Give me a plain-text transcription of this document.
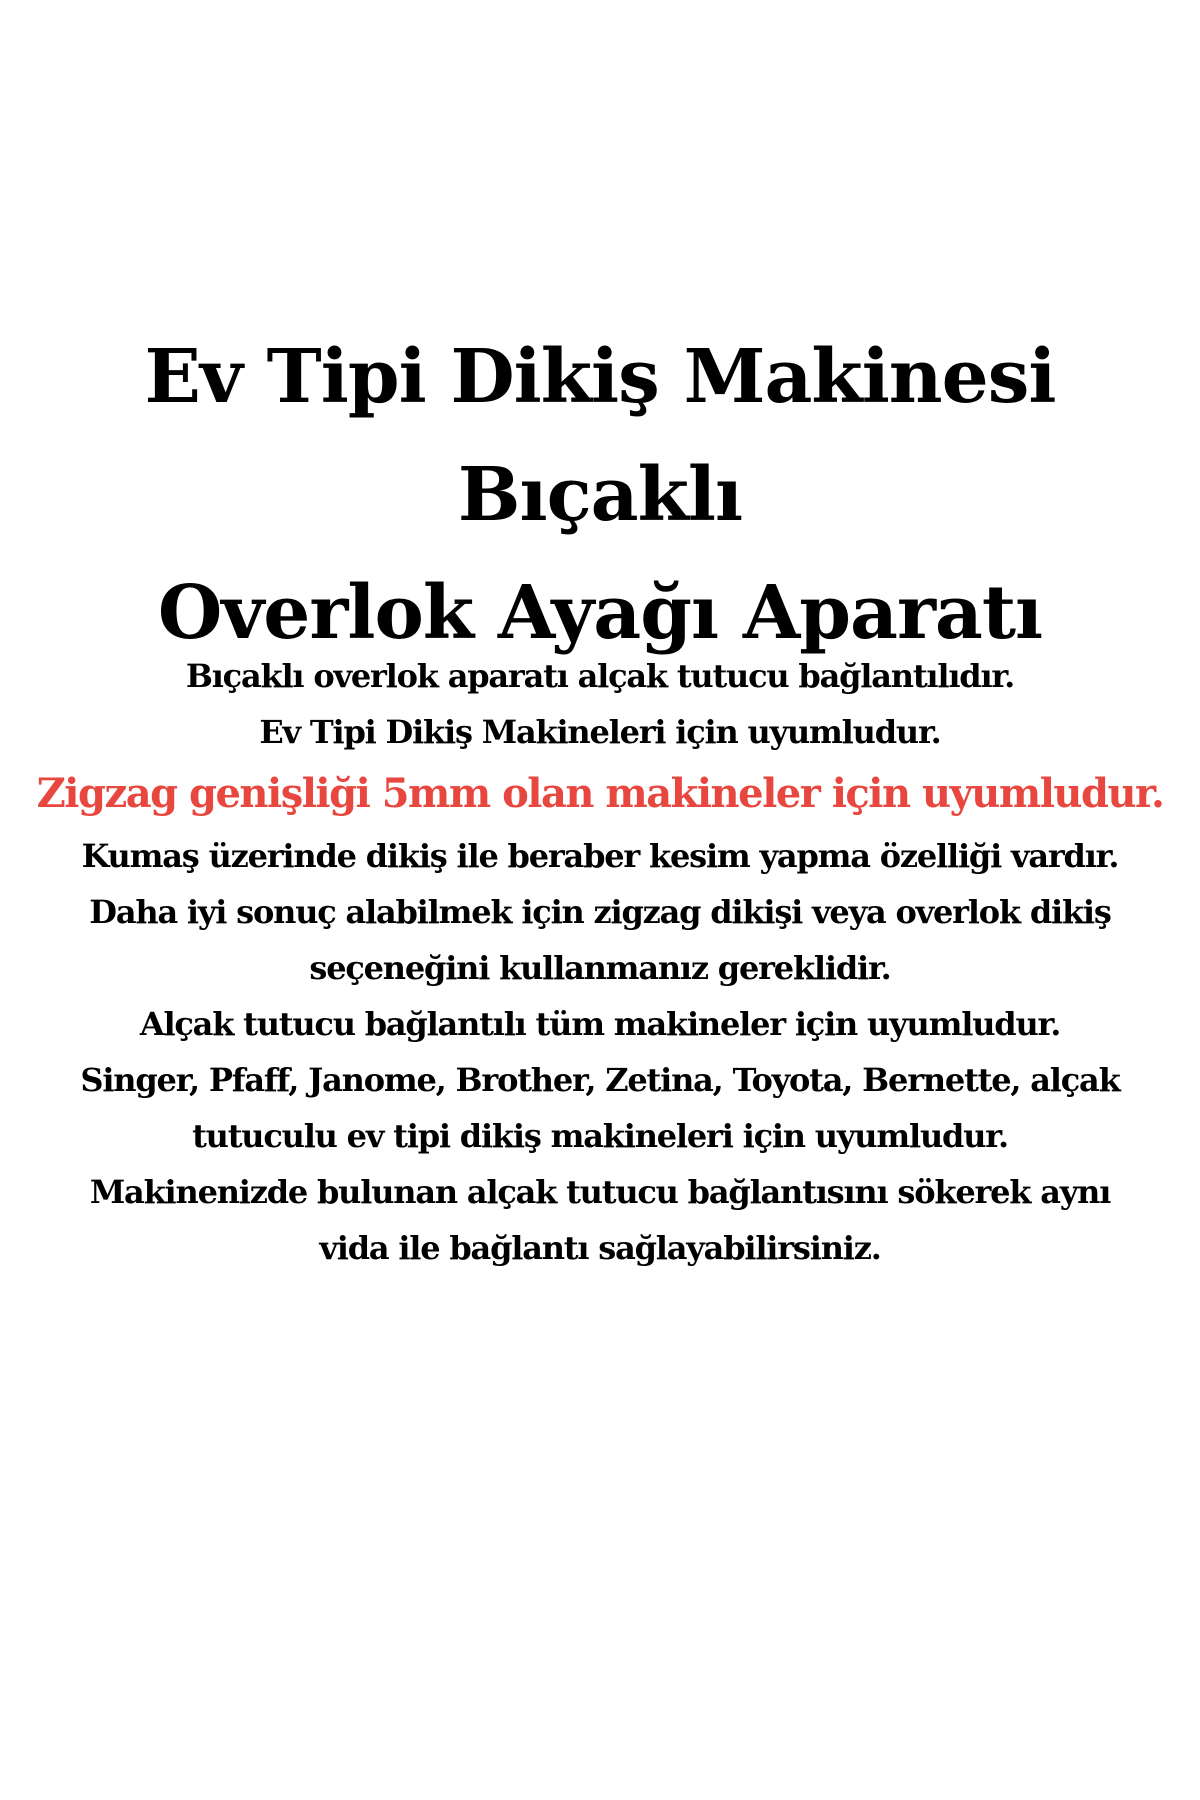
Ev Tipi Dikiş Makinesi Bıçaklı
Overlok Ayağı Aparatı
Bıçaklı overlok aparatı alçak tutucu bağlantılıdır.
Ev Tipi Dikiş Makineleri için uyumludur.
Zigzag genişliği 5mm olan makineler için uyumludur.
Kumaş üzerinde dikiş ile beraber kesim yapma özelliği vardır.
Daha iyi sonuç alabilmek için zigzag dikişi veya overlok dikiş
seçeneğini kullanmanız gereklidir.
Alçak tutucu bağlantılı tüm makineler için uyumludur.
Singer, Pfaff, Janome, Brother, Zetina, Toyota, Bernette, alçak
tutuculu ev tipi dikiş makineleri için uyumludur.
Makinenizde bulunan alçak tutucu bağlantısını sökerek aynı
vida ile bağlantı sağlayabilirsiniz.
